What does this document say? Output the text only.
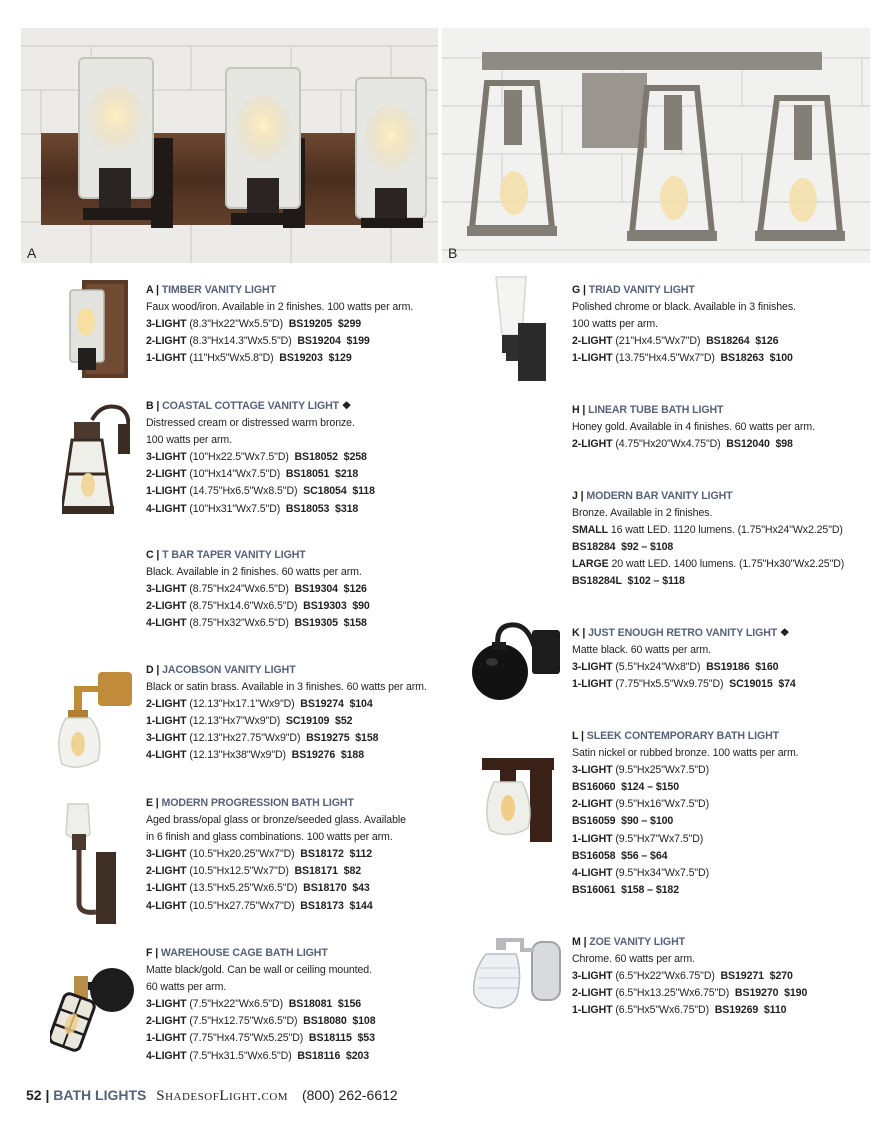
A	B
A | TIMBER VANITY LIGHT
Faux wood/iron. Available in 2 finishes. 100 watts per arm.
3-LIGHT (8.3"Hx22"Wx5.5"D) BS19205 $299
2-LIGHT (8.3"Hx14.3"Wx5.5"D) BS19204 $199
1-LIGHT (11"Hx5"Wx5.8"D) BS19203 $129
B | COASTAL COTTAGE VANITY LIGHT ❖
Distressed cream or distressed warm bronze.
100 watts per arm.
3-LIGHT (10"Hx22.5"Wx7.5"D) BS18052 $258
2-LIGHT (10"Hx14"Wx7.5"D) BS18051 $218
1-LIGHT (14.75"Hx6.5"Wx8.5"D) SC18054 $118
4-LIGHT (10"Hx31"Wx7.5"D) BS18053 $318
C | T BAR TAPER VANITY LIGHT
Black. Available in 2 finishes. 60 watts per arm.
3-LIGHT (8.75"Hx24"Wx6.5"D) BS19304 $126
2-LIGHT (8.75"Hx14.6"Wx6.5"D) BS19303 $90
4-LIGHT (8.75"Hx32"Wx6.5"D) BS19305 $158
D | JACOBSON VANITY LIGHT
Black or satin brass. Available in 3 finishes. 60 watts per arm.
2-LIGHT (12.13"Hx17.1"Wx9"D) BS19274 $104
1-LIGHT (12.13"Hx7"Wx9"D) SC19109 $52
3-LIGHT (12.13"Hx27.75"Wx9"D) BS19275 $158
4-LIGHT (12.13"Hx38"Wx9"D) BS19276 $188
E | MODERN PROGRESSION BATH LIGHT
Aged brass/opal glass or bronze/seeded glass. Available
in 6 finish and glass combinations. 100 watts per arm.
3-LIGHT (10.5"Hx20.25"Wx7"D) BS18172 $112
2-LIGHT (10.5"Hx12.5"Wx7"D) BS18171 $82
1-LIGHT (13.5"Hx5.25"Wx6.5"D) BS18170 $43
4-LIGHT (10.5"Hx27.75"Wx7"D) BS18173 $144
F | WAREHOUSE CAGE BATH LIGHT
Matte black/gold. Can be wall or ceiling mounted.
60 watts per arm.
3-LIGHT (7.5"Hx22"Wx6.5"D) BS18081 $156
2-LIGHT (7.5"Hx12.75"Wx6.5"D) BS18080 $108
1-LIGHT (7.75"Hx4.75"Wx5.25"D) BS18115 $53
4-LIGHT (7.5"Hx31.5"Wx6.5"D) BS18116 $203
G | TRIAD VANITY LIGHT
Polished chrome or black. Available in 3 finishes.
100 watts per arm.
2-LIGHT (21"Hx4.5"Wx7"D) BS18264 $126
1-LIGHT (13.75"Hx4.5"Wx7"D) BS18263 $100
H | LINEAR TUBE BATH LIGHT
Honey gold. Available in 4 finishes. 60 watts per arm.
2-LIGHT (4.75"Hx20"Wx4.75"D) BS12040 $98
J | MODERN BAR VANITY LIGHT
Bronze. Available in 2 finishes.
SMALL 16 watt LED. 1120 lumens. (1.75"Hx24"Wx2.25"D)
BS18284 $92 – $108
LARGE 20 watt LED. 1400 lumens. (1.75"Hx30"Wx2.25"D)
BS18284L $102 – $118
K | JUST ENOUGH RETRO VANITY LIGHT ❖
Matte black. 60 watts per arm.
3-LIGHT (5.5"Hx24"Wx8"D) BS19186 $160
1-LIGHT (7.75"Hx5.5"Wx9.75"D) SC19015 $74
L | SLEEK CONTEMPORARY BATH LIGHT
Satin nickel or rubbed bronze. 100 watts per arm.
3-LIGHT (9.5"Hx25"Wx7.5"D)
BS16060 $124 – $150
2-LIGHT (9.5"Hx16"Wx7.5"D)
BS16059 $90 – $100
1-LIGHT (9.5"Hx7"Wx7.5"D)
BS16058 $56 – $64
4-LIGHT (9.5"Hx34"Wx7.5"D)
BS16061 $158 – $182
M | ZOE VANITY LIGHT
Chrome. 60 watts per arm.
3-LIGHT (6.5"Hx22"Wx6.75"D) BS19271 $270
2-LIGHT (6.5"Hx13.25"Wx6.75"D) BS19270 $190
1-LIGHT (6.5"Hx5"Wx6.75"D) BS19269 $110
52 | BATH LIGHTS ShadesofLight.com (800) 262-6612
